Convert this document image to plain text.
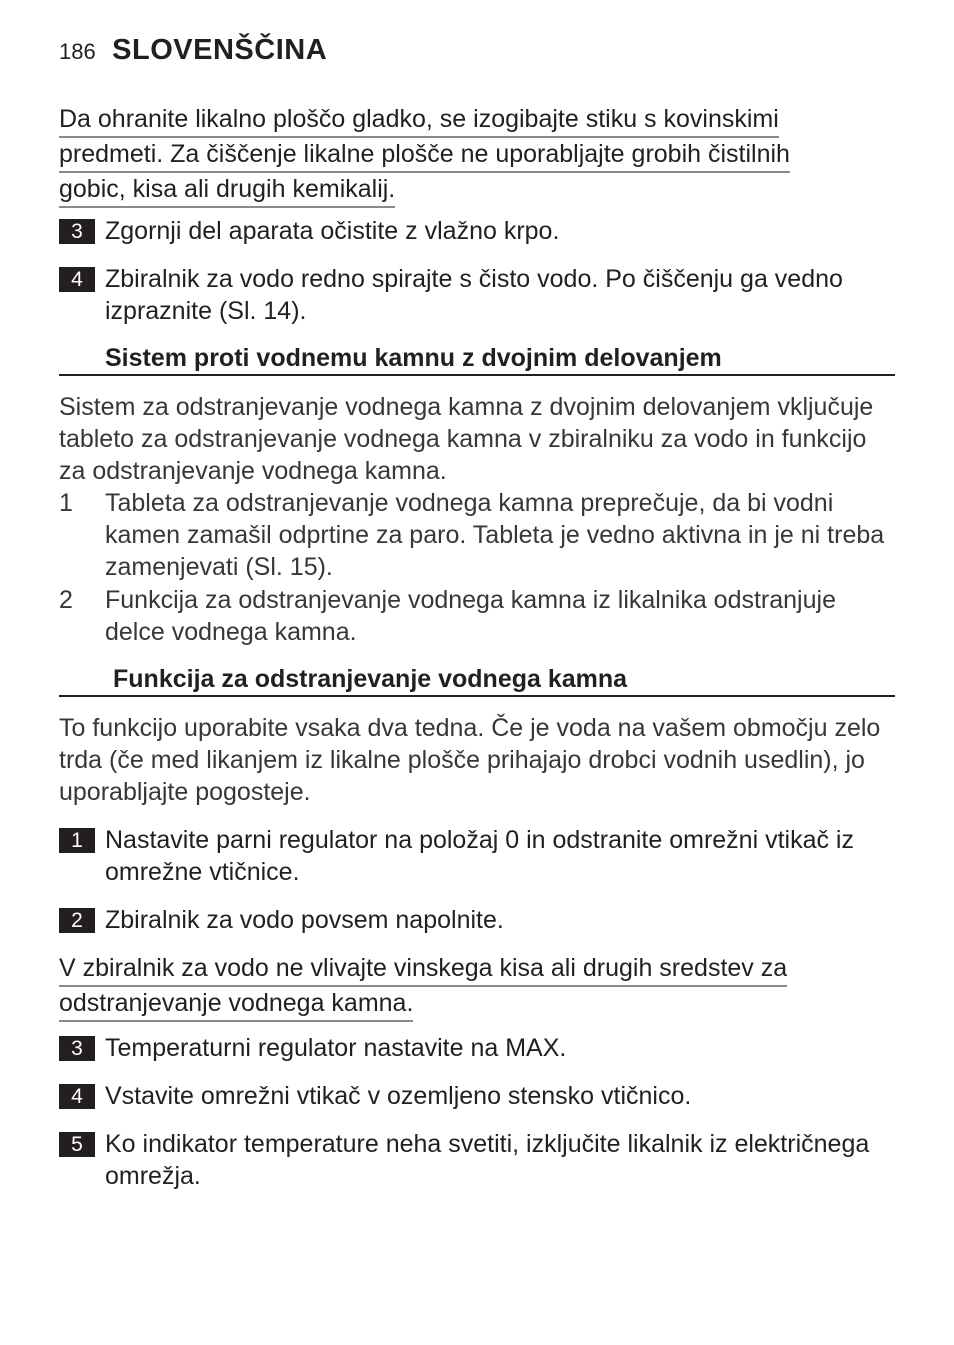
186 SLOVENŠČINA
Da ohranite likalno ploščo gladko, se izogibajte stiku s kovinskimi
predmeti. Za čiščenje likalne plošče ne uporabljajte grobih čistilnih
gobic, kisa ali drugih kemikalij.
3 Zgornji del aparata očistite z vlažno krpo.
4 Zbiralnik za vodo redno spirajte s čisto vodo. Po čiščenju ga vedno izpraznite (Sl. 14).
Sistem proti vodnemu kamnu z dvojnim delovanjem
Sistem za odstranjevanje vodnega kamna z dvojnim delovanjem vključuje tableto za odstranjevanje vodnega kamna v zbiralniku za vodo in funkcijo za odstranjevanje vodnega kamna.
1 Tableta za odstranjevanje vodnega kamna preprečuje, da bi vodni kamen zamašil odprtine za paro. Tableta je vedno aktivna in je ni treba zamenjevati (Sl. 15).
2 Funkcija za odstranjevanje vodnega kamna iz likalnika odstranjuje delce vodnega kamna.
Funkcija za odstranjevanje vodnega kamna
To funkcijo uporabite vsaka dva tedna. Če je voda na vašem območju zelo trda (če med likanjem iz likalne plošče prihajajo drobci vodnih usedlin), jo uporabljajte pogosteje.
1 Nastavite parni regulator na položaj 0 in odstranite omrežni vtikač iz omrežne vtičnice.
2 Zbiralnik za vodo povsem napolnite.
V zbiralnik za vodo ne vlivajte vinskega kisa ali drugih sredstev za
odstranjevanje vodnega kamna.
3 Temperaturni regulator nastavite na MAX.
4 Vstavite omrežni vtikač v ozemljeno stensko vtičnico.
5 Ko indikator temperature neha svetiti, izključite likalnik iz električnega omrežja.
